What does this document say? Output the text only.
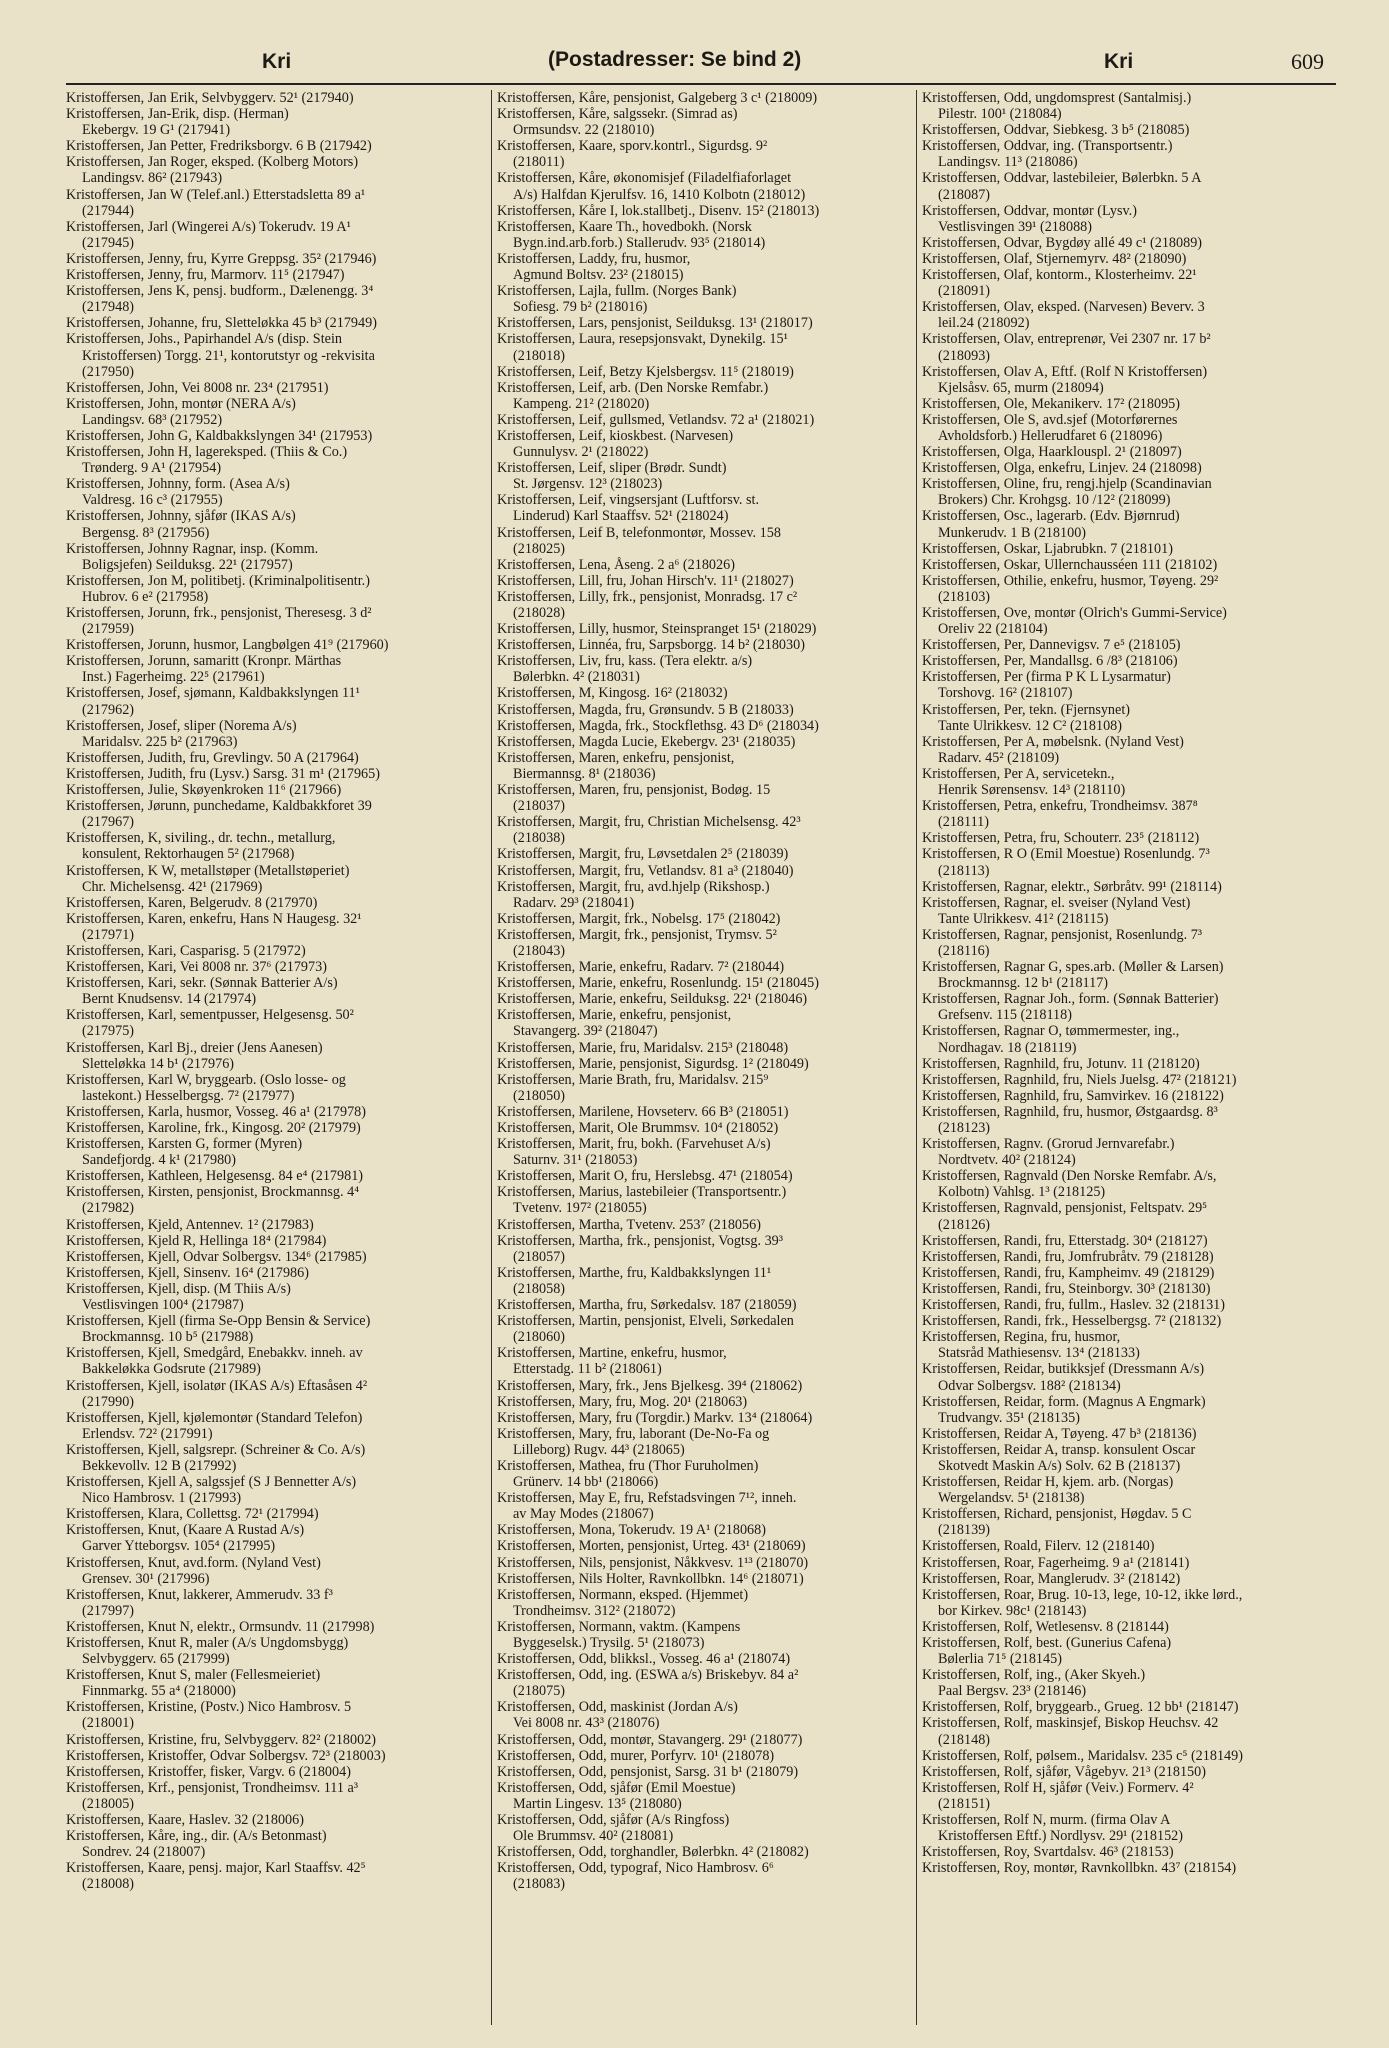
Kri	(Postadresser: Se bind 2)	Kri	609
Kristoffersen, Jan Erik, Selvbyggerv. 52¹ (217940)
Kristoffersen, Jan-Erik, disp. (Herman)
Ekebergv. 19 G¹ (217941)
Kristoffersen, Jan Petter, Fredriksborgv. 6 B (217942)
Kristoffersen, Jan Roger, eksped. (Kolberg Motors)
Landingsv. 86² (217943)
Kristoffersen, Jan W (Telef.anl.) Etterstadsletta 89 a¹
(217944)
Kristoffersen, Jarl (Wingerei A/s) Tokerudv. 19 A¹
(217945)
Kristoffersen, Jenny, fru, Kyrre Greppsg. 35² (217946)
Kristoffersen, Jenny, fru, Marmorv. 11⁵ (217947)
Kristoffersen, Jens K, pensj. budform., Dælenengg. 3⁴
(217948)
Kristoffersen, Johanne, fru, Sletteløkka 45 b³ (217949)
Kristoffersen, Johs., Papirhandel A/s (disp. Stein
Kristoffersen) Torgg. 21¹, kontorutstyr og -rekvisita
(217950)
Kristoffersen, John, Vei 8008 nr. 23⁴ (217951)
Kristoffersen, John, montør (NERA A/s)
Landingsv. 68³ (217952)
Kristoffersen, John G, Kaldbakkslyngen 34¹ (217953)
Kristoffersen, John H, lagereksped. (Thiis & Co.)
Trønderg. 9 A¹ (217954)
Kristoffersen, Johnny, form. (Asea A/s)
Valdresg. 16 c³ (217955)
Kristoffersen, Johnny, sjåfør (IKAS A/s)
Bergensg. 8³ (217956)
Kristoffersen, Johnny Ragnar, insp. (Komm.
Boligsjefen) Seilduksg. 22¹ (217957)
Kristoffersen, Jon M, politibetj. (Kriminalpolitisentr.)
Hubrov. 6 e² (217958)
Kristoffersen, Jorunn, frk., pensjonist, Theresesg. 3 d²
(217959)
Kristoffersen, Jorunn, husmor, Langbølgen 41⁹ (217960)
Kristoffersen, Jorunn, samaritt (Kronpr. Märthas
Inst.) Fagerheimg. 22⁵ (217961)
Kristoffersen, Josef, sjømann, Kaldbakkslyngen 11¹
(217962)
Kristoffersen, Josef, sliper (Norema A/s)
Maridalsv. 225 b² (217963)
Kristoffersen, Judith, fru, Grevlingv. 50 A (217964)
Kristoffersen, Judith, fru (Lysv.) Sarsg. 31 m¹ (217965)
Kristoffersen, Julie, Skøyenkroken 11⁶ (217966)
Kristoffersen, Jørunn, punchedame, Kaldbakkforet 39
(217967)
Kristoffersen, K, siviling., dr. techn., metallurg,
konsulent, Rektorhaugen 5² (217968)
Kristoffersen, K W, metallstøper (Metallstøperiet)
Chr. Michelsensg. 42¹ (217969)
Kristoffersen, Karen, Belgerudv. 8 (217970)
Kristoffersen, Karen, enkefru, Hans N Haugesg. 32¹
(217971)
Kristoffersen, Kari, Casparisg. 5 (217972)
Kristoffersen, Kari, Vei 8008 nr. 37⁶ (217973)
Kristoffersen, Kari, sekr. (Sønnak Batterier A/s)
Bernt Knudsensv. 14 (217974)
Kristoffersen, Karl, sementpusser, Helgesensg. 50²
(217975)
Kristoffersen, Karl Bj., dreier (Jens Aanesen)
Sletteløkka 14 b¹ (217976)
Kristoffersen, Karl W, bryggearb. (Oslo losse- og
lastekont.) Hesselbergsg. 7² (217977)
Kristoffersen, Karla, husmor, Vosseg. 46 a¹ (217978)
Kristoffersen, Karoline, frk., Kingosg. 20² (217979)
Kristoffersen, Karsten G, former (Myren)
Sandefjordg. 4 k¹ (217980)
Kristoffersen, Kathleen, Helgesensg. 84 e⁴ (217981)
Kristoffersen, Kirsten, pensjonist, Brockmannsg. 4⁴
(217982)
Kristoffersen, Kjeld, Antennev. 1² (217983)
Kristoffersen, Kjeld R, Hellinga 18⁴ (217984)
Kristoffersen, Kjell, Odvar Solbergsv. 134⁶ (217985)
Kristoffersen, Kjell, Sinsenv. 16⁴ (217986)
Kristoffersen, Kjell, disp. (M Thiis A/s)
Vestlisvingen 100⁴ (217987)
Kristoffersen, Kjell (firma Se-Opp Bensin & Service)
Brockmannsg. 10 b⁵ (217988)
Kristoffersen, Kjell, Smedgård, Enebakkv. inneh. av
Bakkeløkka Godsrute (217989)
Kristoffersen, Kjell, isolatør (IKAS A/s) Eftasåsen 4²
(217990)
Kristoffersen, Kjell, kjølemontør (Standard Telefon)
Erlendsv. 72² (217991)
Kristoffersen, Kjell, salgsrepr. (Schreiner & Co. A/s)
Bekkevollv. 12 B (217992)
Kristoffersen, Kjell A, salgssjef (S J Bennetter A/s)
Nico Hambrosv. 1 (217993)
Kristoffersen, Klara, Collettsg. 72¹ (217994)
Kristoffersen, Knut, (Kaare A Rustad A/s)
Garver Ytteborgsv. 105⁴ (217995)
Kristoffersen, Knut, avd.form. (Nyland Vest)
Grensev. 30¹ (217996)
Kristoffersen, Knut, lakkerer, Ammerudv. 33 f³
(217997)
Kristoffersen, Knut N, elektr., Ormsundv. 11 (217998)
Kristoffersen, Knut R, maler (A/s Ungdomsbygg)
Selvbyggerv. 65 (217999)
Kristoffersen, Knut S, maler (Fellesmeieriet)
Finnmarkg. 55 a⁴ (218000)
Kristoffersen, Kristine, (Postv.) Nico Hambrosv. 5
(218001)
Kristoffersen, Kristine, fru, Selvbyggerv. 82² (218002)
Kristoffersen, Kristoffer, Odvar Solbergsv. 72³ (218003)
Kristoffersen, Kristoffer, fisker, Vargv. 6 (218004)
Kristoffersen, Krf., pensjonist, Trondheimsv. 111 a³
(218005)
Kristoffersen, Kaare, Haslev. 32 (218006)
Kristoffersen, Kåre, ing., dir. (A/s Betonmast)
Sondrev. 24 (218007)
Kristoffersen, Kaare, pensj. major, Karl Staaffsv. 42⁵
(218008)
Kristoffersen, Kåre, pensjonist, Galgeberg 3 c¹ (218009)
Kristoffersen, Kåre, salgssekr. (Simrad as)
Ormsundsv. 22 (218010)
Kristoffersen, Kaare, sporv.kontrl., Sigurdsg. 9²
(218011)
Kristoffersen, Kåre, økonomisjef (Filadelfiaforlaget
A/s) Halfdan Kjerulfsv. 16, 1410 Kolbotn (218012)
Kristoffersen, Kåre I, lok.stallbetj., Disenv. 15² (218013)
Kristoffersen, Kaare Th., hovedbokh. (Norsk
Bygn.ind.arb.forb.) Stallerudv. 93⁵ (218014)
Kristoffersen, Laddy, fru, husmor,
Agmund Boltsv. 23² (218015)
Kristoffersen, Lajla, fullm. (Norges Bank)
Sofiesg. 79 b² (218016)
Kristoffersen, Lars, pensjonist, Seilduksg. 13¹ (218017)
Kristoffersen, Laura, resepsjonsvakt, Dynekilg. 15¹
(218018)
Kristoffersen, Leif, Betzy Kjelsbergsv. 11⁵ (218019)
Kristoffersen, Leif, arb. (Den Norske Remfabr.)
Kampeng. 21² (218020)
Kristoffersen, Leif, gullsmed, Vetlandsv. 72 a¹ (218021)
Kristoffersen, Leif, kioskbest. (Narvesen)
Gunnulysv. 2¹ (218022)
Kristoffersen, Leif, sliper (Brødr. Sundt)
St. Jørgensv. 12³ (218023)
Kristoffersen, Leif, vingsersjant (Luftforsv. st.
Linderud) Karl Staaffsv. 52¹ (218024)
Kristoffersen, Leif B, telefonmontør, Mossev. 158
(218025)
Kristoffersen, Lena, Åseng. 2 a⁶ (218026)
Kristoffersen, Lill, fru, Johan Hirsch'v. 11¹ (218027)
Kristoffersen, Lilly, frk., pensjonist, Monradsg. 17 c²
(218028)
Kristoffersen, Lilly, husmor, Steinspranget 15¹ (218029)
Kristoffersen, Linnéa, fru, Sarpsborgg. 14 b² (218030)
Kristoffersen, Liv, fru, kass. (Tera elektr. a/s)
Bølerbkn. 4² (218031)
Kristoffersen, M, Kingosg. 16² (218032)
Kristoffersen, Magda, fru, Grønsundv. 5 B (218033)
Kristoffersen, Magda, frk., Stockflethsg. 43 D⁶ (218034)
Kristoffersen, Magda Lucie, Ekebergv. 23¹ (218035)
Kristoffersen, Maren, enkefru, pensjonist,
Biermannsg. 8¹ (218036)
Kristoffersen, Maren, fru, pensjonist, Bodøg. 15
(218037)
Kristoffersen, Margit, fru, Christian Michelsensg. 42³
(218038)
Kristoffersen, Margit, fru, Løvsetdalen 2⁵ (218039)
Kristoffersen, Margit, fru, Vetlandsv. 81 a³ (218040)
Kristoffersen, Margit, fru, avd.hjelp (Rikshosp.)
Radarv. 29³ (218041)
Kristoffersen, Margit, frk., Nobelsg. 17⁵ (218042)
Kristoffersen, Margit, frk., pensjonist, Trymsv. 5²
(218043)
Kristoffersen, Marie, enkefru, Radarv. 7² (218044)
Kristoffersen, Marie, enkefru, Rosenlundg. 15¹ (218045)
Kristoffersen, Marie, enkefru, Seilduksg. 22¹ (218046)
Kristoffersen, Marie, enkefru, pensjonist,
Stavangerg. 39² (218047)
Kristoffersen, Marie, fru, Maridalsv. 215³ (218048)
Kristoffersen, Marie, pensjonist, Sigurdsg. 1² (218049)
Kristoffersen, Marie Brath, fru, Maridalsv. 215⁹
(218050)
Kristoffersen, Marilene, Hovseterv. 66 B³ (218051)
Kristoffersen, Marit, Ole Brummsv. 10⁴ (218052)
Kristoffersen, Marit, fru, bokh. (Farvehuset A/s)
Saturnv. 31¹ (218053)
Kristoffersen, Marit O, fru, Herslebsg. 47¹ (218054)
Kristoffersen, Marius, lastebileier (Transportsentr.)
Tvetenv. 197² (218055)
Kristoffersen, Martha, Tvetenv. 253⁷ (218056)
Kristoffersen, Martha, frk., pensjonist, Vogtsg. 39³
(218057)
Kristoffersen, Marthe, fru, Kaldbakkslyngen 11¹
(218058)
Kristoffersen, Martha, fru, Sørkedalsv. 187 (218059)
Kristoffersen, Martin, pensjonist, Elveli, Sørkedalen
(218060)
Kristoffersen, Martine, enkefru, husmor,
Etterstadg. 11 b² (218061)
Kristoffersen, Mary, frk., Jens Bjelkesg. 39⁴ (218062)
Kristoffersen, Mary, fru, Mog. 20¹ (218063)
Kristoffersen, Mary, fru (Torgdir.) Markv. 13⁴ (218064)
Kristoffersen, Mary, fru, laborant (De-No-Fa og
Lilleborg) Rugv. 44³ (218065)
Kristoffersen, Mathea, fru (Thor Furuholmen)
Grünerv. 14 bb¹ (218066)
Kristoffersen, May E, fru, Refstadsvingen 7¹², inneh.
av May Modes (218067)
Kristoffersen, Mona, Tokerudv. 19 A¹ (218068)
Kristoffersen, Morten, pensjonist, Urteg. 43¹ (218069)
Kristoffersen, Nils, pensjonist, Nåkkvesv. 1¹³ (218070)
Kristoffersen, Nils Holter, Ravnkollbkn. 14⁶ (218071)
Kristoffersen, Normann, eksped. (Hjemmet)
Trondheimsv. 312² (218072)
Kristoffersen, Normann, vaktm. (Kampens
Byggeselsk.) Trysilg. 5¹ (218073)
Kristoffersen, Odd, blikksl., Vosseg. 46 a¹ (218074)
Kristoffersen, Odd, ing. (ESWA a/s) Briskebyv. 84 a²
(218075)
Kristoffersen, Odd, maskinist (Jordan A/s)
Vei 8008 nr. 43³ (218076)
Kristoffersen, Odd, montør, Stavangerg. 29¹ (218077)
Kristoffersen, Odd, murer, Porfyrv. 10¹ (218078)
Kristoffersen, Odd, pensjonist, Sarsg. 31 b¹ (218079)
Kristoffersen, Odd, sjåfør (Emil Moestue)
Martin Lingesv. 13⁵ (218080)
Kristoffersen, Odd, sjåfør (A/s Ringfoss)
Ole Brummsv. 40² (218081)
Kristoffersen, Odd, torghandler, Bølerbkn. 4² (218082)
Kristoffersen, Odd, typograf, Nico Hambrosv. 6⁶
(218083)
Kristoffersen, Odd, ungdomsprest (Santalmisj.)
Pilestr. 100¹ (218084)
Kristoffersen, Oddvar, Siebkesg. 3 b⁵ (218085)
Kristoffersen, Oddvar, ing. (Transportsentr.)
Landingsv. 11³ (218086)
Kristoffersen, Oddvar, lastebileier, Bølerbkn. 5 A
(218087)
Kristoffersen, Oddvar, montør (Lysv.)
Vestlisvingen 39¹ (218088)
Kristoffersen, Odvar, Bygdøy allé 49 c¹ (218089)
Kristoffersen, Olaf, Stjernemyrv. 48² (218090)
Kristoffersen, Olaf, kontorm., Klosterheimv. 22¹
(218091)
Kristoffersen, Olav, eksped. (Narvesen) Beverv. 3
leil.24 (218092)
Kristoffersen, Olav, entreprenør, Vei 2307 nr. 17 b²
(218093)
Kristoffersen, Olav A, Eftf. (Rolf N Kristoffersen)
Kjelsåsv. 65, murm (218094)
Kristoffersen, Ole, Mekanikerv. 17² (218095)
Kristoffersen, Ole S, avd.sjef (Motorførernes
Avholdsforb.) Hellerudfaret 6 (218096)
Kristoffersen, Olga, Haarklouspl. 2¹ (218097)
Kristoffersen, Olga, enkefru, Linjev. 24 (218098)
Kristoffersen, Oline, fru, rengj.hjelp (Scandinavian
Brokers) Chr. Krohgsg. 10 /12² (218099)
Kristoffersen, Osc., lagerarb. (Edv. Bjørnrud)
Munkerudv. 1 B (218100)
Kristoffersen, Oskar, Ljabrubkn. 7 (218101)
Kristoffersen, Oskar, Ullernchausséen 111 (218102)
Kristoffersen, Othilie, enkefru, husmor, Tøyeng. 29²
(218103)
Kristoffersen, Ove, montør (Olrich's Gummi-Service)
Oreliv 22 (218104)
Kristoffersen, Per, Dannevigsv. 7 e⁵ (218105)
Kristoffersen, Per, Mandallsg. 6 /8³ (218106)
Kristoffersen, Per (firma P K L Lysarmatur)
Torshovg. 16² (218107)
Kristoffersen, Per, tekn. (Fjernsynet)
Tante Ulrikkesv. 12 C² (218108)
Kristoffersen, Per A, møbelsnk. (Nyland Vest)
Radarv. 45² (218109)
Kristoffersen, Per A, servicetekn.,
Henrik Sørensensv. 14³ (218110)
Kristoffersen, Petra, enkefru, Trondheimsv. 387⁸
(218111)
Kristoffersen, Petra, fru, Schouterr. 23⁵ (218112)
Kristoffersen, R O (Emil Moestue) Rosenlundg. 7³
(218113)
Kristoffersen, Ragnar, elektr., Sørbråtv. 99¹ (218114)
Kristoffersen, Ragnar, el. sveiser (Nyland Vest)
Tante Ulrikkesv. 41² (218115)
Kristoffersen, Ragnar, pensjonist, Rosenlundg. 7³
(218116)
Kristoffersen, Ragnar G, spes.arb. (Møller & Larsen)
Brockmannsg. 12 b¹ (218117)
Kristoffersen, Ragnar Joh., form. (Sønnak Batterier)
Grefsenv. 115 (218118)
Kristoffersen, Ragnar O, tømmermester, ing.,
Nordhagav. 18 (218119)
Kristoffersen, Ragnhild, fru, Jotunv. 11 (218120)
Kristoffersen, Ragnhild, fru, Niels Juelsg. 47² (218121)
Kristoffersen, Ragnhild, fru, Samvirkev. 16 (218122)
Kristoffersen, Ragnhild, fru, husmor, Østgaardsg. 8³
(218123)
Kristoffersen, Ragnv. (Grorud Jernvarefabr.)
Nordtvetv. 40² (218124)
Kristoffersen, Ragnvald (Den Norske Remfabr. A/s,
Kolbotn) Vahlsg. 1³ (218125)
Kristoffersen, Ragnvald, pensjonist, Feltspatv. 29⁵
(218126)
Kristoffersen, Randi, fru, Etterstadg. 30⁴ (218127)
Kristoffersen, Randi, fru, Jomfrubråtv. 79 (218128)
Kristoffersen, Randi, fru, Kampheimv. 49 (218129)
Kristoffersen, Randi, fru, Steinborgv. 30³ (218130)
Kristoffersen, Randi, fru, fullm., Haslev. 32 (218131)
Kristoffersen, Randi, frk., Hesselbergsg. 7² (218132)
Kristoffersen, Regina, fru, husmor,
Statsråd Mathiesensv. 13⁴ (218133)
Kristoffersen, Reidar, butikksjef (Dressmann A/s)
Odvar Solbergsv. 188² (218134)
Kristoffersen, Reidar, form. (Magnus A Engmark)
Trudvangv. 35¹ (218135)
Kristoffersen, Reidar A, Tøyeng. 47 b³ (218136)
Kristoffersen, Reidar A, transp. konsulent Oscar
Skotvedt Maskin A/s) Solv. 62 B (218137)
Kristoffersen, Reidar H, kjem. arb. (Norgas)
Wergelandsv. 5¹ (218138)
Kristoffersen, Richard, pensjonist, Høgdav. 5 C
(218139)
Kristoffersen, Roald, Filerv. 12 (218140)
Kristoffersen, Roar, Fagerheimg. 9 a¹ (218141)
Kristoffersen, Roar, Manglerudv. 3² (218142)
Kristoffersen, Roar, Brug. 10-13, lege, 10-12, ikke lørd.,
bor Kirkev. 98c¹ (218143)
Kristoffersen, Rolf, Wetlesensv. 8 (218144)
Kristoffersen, Rolf, best. (Gunerius Cafena)
Bølerlia 71⁵ (218145)
Kristoffersen, Rolf, ing., (Aker Skyeh.)
Paal Bergsv. 23³ (218146)
Kristoffersen, Rolf, bryggearb., Grueg. 12 bb¹ (218147)
Kristoffersen, Rolf, maskinsjef, Biskop Heuchsv. 42
(218148)
Kristoffersen, Rolf, pølsem., Maridalsv. 235 c⁵ (218149)
Kristoffersen, Rolf, sjåfør, Vågebyv. 21³ (218150)
Kristoffersen, Rolf H, sjåfør (Veiv.) Formerv. 4²
(218151)
Kristoffersen, Rolf N, murm. (firma Olav A
Kristoffersen Eftf.) Nordlysv. 29¹ (218152)
Kristoffersen, Roy, Svartdalsv. 46³ (218153)
Kristoffersen, Roy, montør, Ravnkollbkn. 43⁷ (218154)
